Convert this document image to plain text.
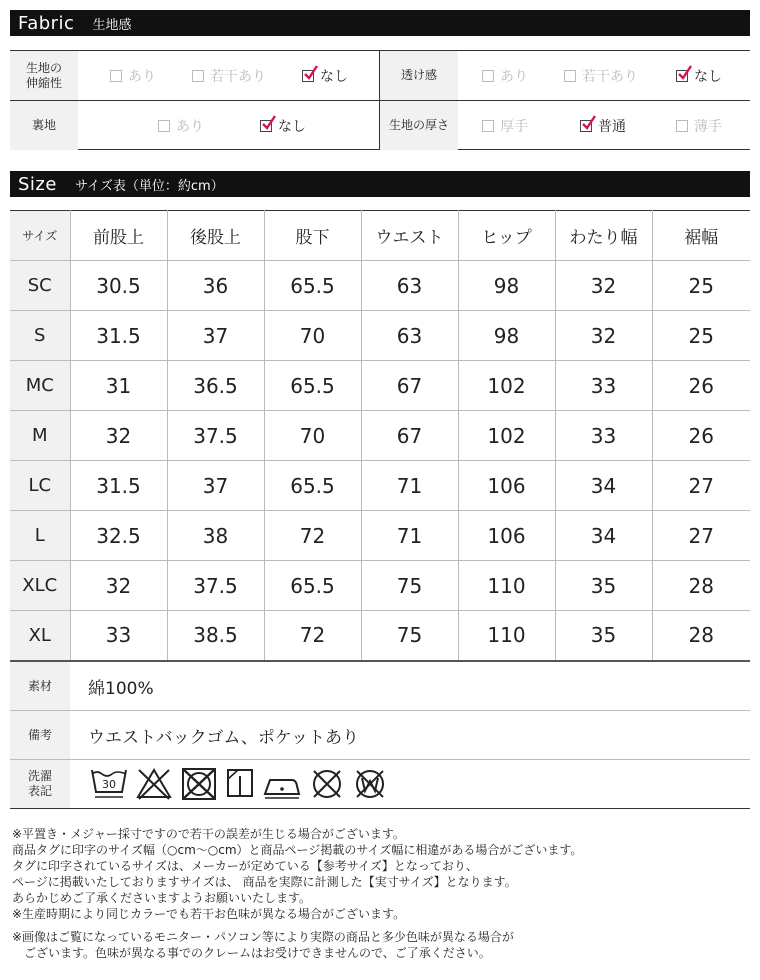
Fabric 生地感
生地の
伸縮性	あり	若干あり	なし	透け感	あり	若干あり	なし
裏地	あり	なし	生地の厚さ	厚手	普通	薄手
Size サイズ表（単位：約cm）
サイズ	前股上	後股上	股下	ウエスト	ヒップ	わたり幅	裾幅
SC	30.5	36	65.5	63	98	32	25
S	31.5	37	70	63	98	32	25
MC	31	36.5	65.5	67	102	33	26
M	32	37.5	70	67	102	33	26
LC	31.5	37	65.5	71	106	34	27
L	32.5	38	72	71	106	34	27
XLC	32	37.5	65.5	75	110	35	28
XL	33	38.5	72	75	110	35	28
素材	綿100%
備考	ウエストバックゴム、ポケットあり
洗濯
表記	30

※平置き・メジャー採寸ですので若干の誤差が生じる場合がございます。

商品タグに印字のサイズ幅（○cm〜○cm）と商品ページ掲載のサイズ幅に相違がある場合がございます。

タグに印字されているサイズは、メーカーが定めている【参考サイズ】となっており、

ページに掲載いたしておりますサイズは、 商品を実際に計測した【実寸サイズ】となります。

あらかじめご了承くださいますようお願いいたします。

※生産時期により同じカラーでも若干お色味が異なる場合がございます。

※画像はご覧になっているモニター・パソコン等により実際の商品と多少色味が異なる場合が

ございます。色味が異なる事でのクレームはお受けできませんので、ご了承ください。
